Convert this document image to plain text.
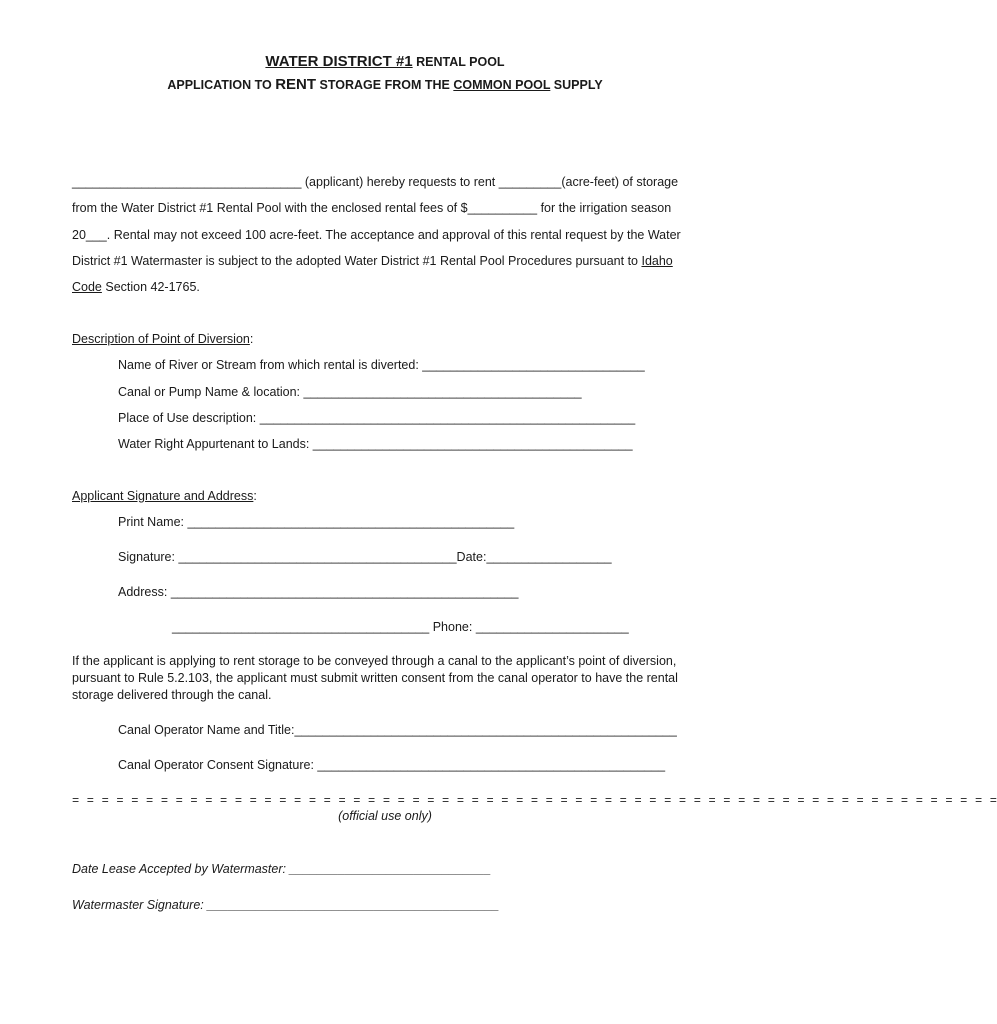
WATER DISTRICT #1 RENTAL POOL
APPLICATION TO RENT STORAGE FROM THE COMMON POOL SUPPLY
_________________________________ (applicant) hereby requests to rent _________(acre-feet) of storage
from the Water District #1 Rental Pool with the enclosed rental fees of $__________ for the irrigation season
20___. Rental may not exceed 100 acre-feet. The acceptance and approval of this rental request by the Water
District #1 Watermaster is subject to the adopted Water District #1 Rental Pool Procedures pursuant to Idaho
Code Section 42-1765.
Description of Point of Diversion:
Name of River or Stream from which rental is diverted: ________________________________
Canal or Pump Name & location: ________________________________________
Place of Use description: ______________________________________________________
Water Right Appurtenant to Lands: ______________________________________________
Applicant Signature and Address:
Print Name: _______________________________________________
Signature: ________________________________________Date:__________________
Address: __________________________________________________
_____________________________________ Phone: ______________________
If the applicant is applying to rent storage to be conveyed through a canal to the applicant’s point of diversion,
pursuant to Rule 5.2.103, the applicant must submit written consent from the canal operator to have the rental
storage delivered through the canal.
Canal Operator Name and Title:_______________________________________________________
Canal Operator Consent Signature: __________________________________________________
= = = = = = = = = = = = = = = = = = = = = = = = = = = = = = = = = = = = = = = = = = = = = = = = = = = = = = = = = = = = = = =
(official use only)
Date Lease Accepted by Watermaster: _____________________________
Watermaster Signature: __________________________________________
